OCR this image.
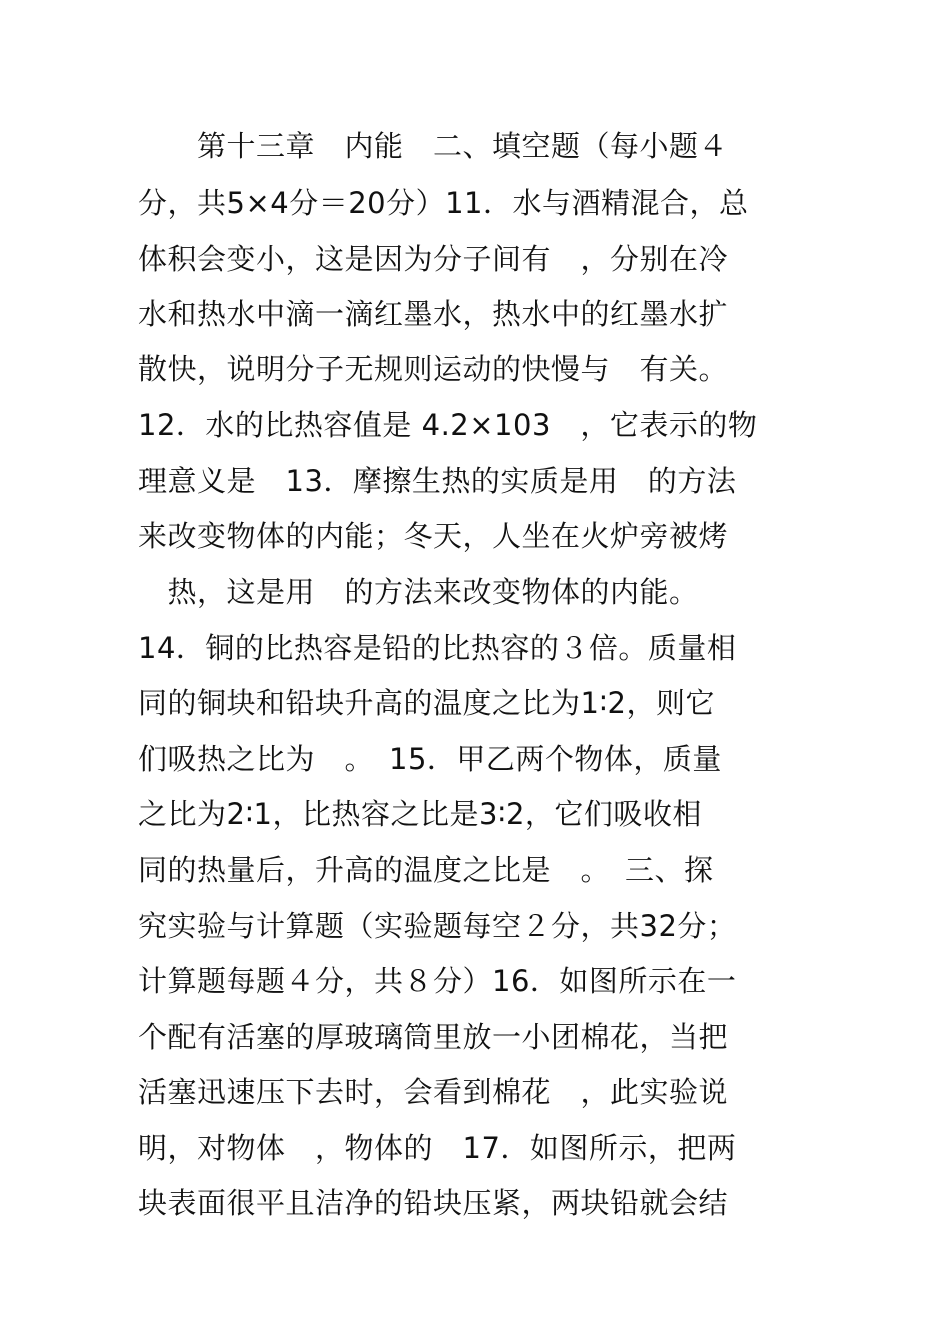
　　第十三章　内能　二、填空题（每小题４
分，共5×4分＝20分）11．水与酒精混合，总
体积会变小，这是因为分子间有　，分别在冷
水和热水中滴一滴红墨水，热水中的红墨水扩
散快，说明分子无规则运动的快慢与　有关。
12．水的比热容值是 4.2×103　，它表示的物
理意义是　13．摩擦生热的实质是用　的方法
来改变物体的内能；冬天，人坐在火炉旁被烤
　热，这是用　的方法来改变物体的内能。
14．铜的比热容是铅的比热容的３倍。质量相
同的铜块和铅块升高的温度之比为1∶2，则它
们吸热之比为　。　15．甲乙两个物体，质量
之比为2∶1，比热容之比是3∶2，它们吸收相
同的热量后，升高的温度之比是　。　三、探
究实验与计算题（实验题每空２分，共32分；
计算题每题４分，共８分）16．如图所示在一
个配有活塞的厚玻璃筒里放一小团棉花，当把
活塞迅速压下去时，会看到棉花　，此实验说
明，对物体　，物体的　17．如图所示，把两
块表面很平且洁净的铅块压紧，两块铅就会结
